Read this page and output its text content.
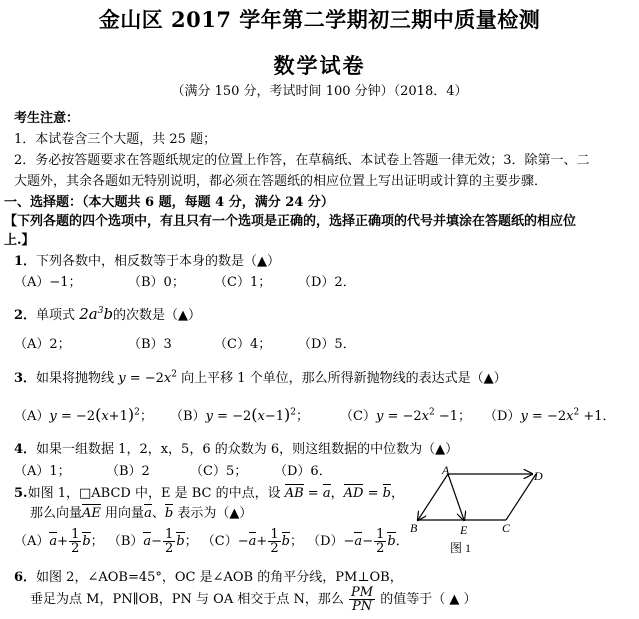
金山区 2017 学年第二学期初三期中质量检测
数学试卷
（满分 150 分，考试时间 100 分钟）（2018．4）
考生注意：
1．本试卷含三个大题，共 25 题；
2．务必按答题要求在答题纸规定的位置上作答，在草稿纸、本试卷上答题一律无效；3．除第一、二
大题外，其余各题如无特别说明，都必须在答题纸的相应位置上写出证明或计算的主要步骤．
一、选择题：（本大题共 6 题，每题 4 分，满分 24 分）
【下列各题的四个选项中，有且只有一个选项是正确的，选择正确项的代号并填涂在答题纸的相应位
上.】
1．下列各数中，相反数等于本身的数是（▲）
（A）−1；	（B）0； （C）1； （D）2．
2．单项式 $2a^3b$的次数是（▲）
（A）2；	（B）3	（C）4； （D）5．
3．如果将抛物线 $y = -2x^2$ 向上平移 1 个单位，那么所得新抛物线的表达式是（▲）
$(A)y = -2(x+1)^2$； $(B)y = -2(x-1)^2$； $(C)y = -2x^2 -1$； $(D)y = -2x^2 +1$．
4．如果一组数据 1，2，x，5，6 的众数为 6，则这组数据的中位数为（▲）
（A）1；	（B）2	（C）5； （D）6．
5.如图 1，□ABCD 中，E 是 BC 的中点，设 AB = a，AD = b，
那么向量AE 用向量a、b 表示为（▲）
$(A)a+ \frac{1}{2}$ b； $(B)a- \frac{1}{2}$ b； $(C)-a+ \frac{1}{2}$ b； $(D)-a- \frac{1}{2}$ b．
A	D
B	E	C
图 1
6．如图 2，∠AOB=45°，OC 是∠AOB 的角平分线，PM⊥OB，
垂足为点 M，PN∥OB，PN 与 OA 相交于点 N，那么 $\frac{PM}{PN}$ 的值等于（ ▲ ）
